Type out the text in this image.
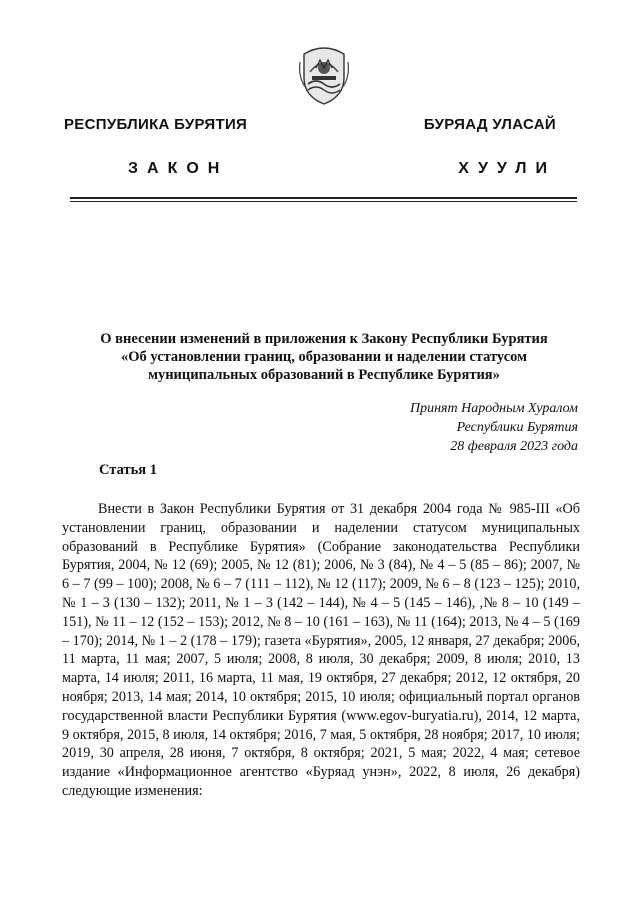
РЕСПУБЛИКА БУРЯТИЯ	БУРЯАД УЛАСАЙ
ЗАКОН	ХУУЛИ
О внесении изменений в приложения к Закону Республики Бурятия
«Об установлении границ, образовании и наделении статусом
муниципальных образований в Республике Бурятия»
Принят Народным Хуралом
Республики Бурятия
28 февраля 2023 года
Статья 1

Внести в Закон Республики Бурятия от 31 декабря 2004 года № 985-III «Об установлении границ, образовании и наделении статусом муниципальных образований в Республике Бурятия» (Собрание законодательства Республики Бурятия, 2004, № 12 (69); 2005, № 12 (81); 2006, № 3 (84), № 4 – 5 (85 – 86); 2007, № 6 – 7 (99 – 100); 2008, № 6 – 7 (111 – 112), № 12 (117); 2009, № 6 – 8 (123 – 125); 2010, № 1 – 3 (130 – 132); 2011, № 1 – 3 (142 – 144), № 4 – 5 (145 – 146), ,№ 8 – 10 (149 – 151), № 11 – 12 (152 – 153); 2012, № 8 – 10 (161 – 163), № 11 (164); 2013, № 4 – 5 (169 – 170); 2014, № 1 – 2 (178 – 179); газета «Бурятия», 2005, 12 января, 27 декабря; 2006, 11 марта, 11 мая; 2007, 5 июля; 2008, 8 июля, 30 декабря; 2009, 8 июля; 2010, 13 марта, 14 июля; 2011, 16 марта, 11 мая, 19 октября, 27 декабря; 2012, 12 октября, 20 ноября; 2013, 14 мая; 2014, 10 октября; 2015, 10 июля; официальный портал органов государственной власти Республики Бурятия (www.egov-buryatia.ru), 2014, 12 марта, 9 октября, 2015, 8 июля, 14 октября; 2016, 7 мая, 5 октября, 28 ноября; 2017, 10 июля; 2019, 30 апреля, 28 июня, 7 октября, 8 октября; 2021, 5 мая; 2022, 4 мая; сетевое издание «Информационное агентство «Буряад унэн», 2022, 8 июля, 26 декабря) следующие изменения:
